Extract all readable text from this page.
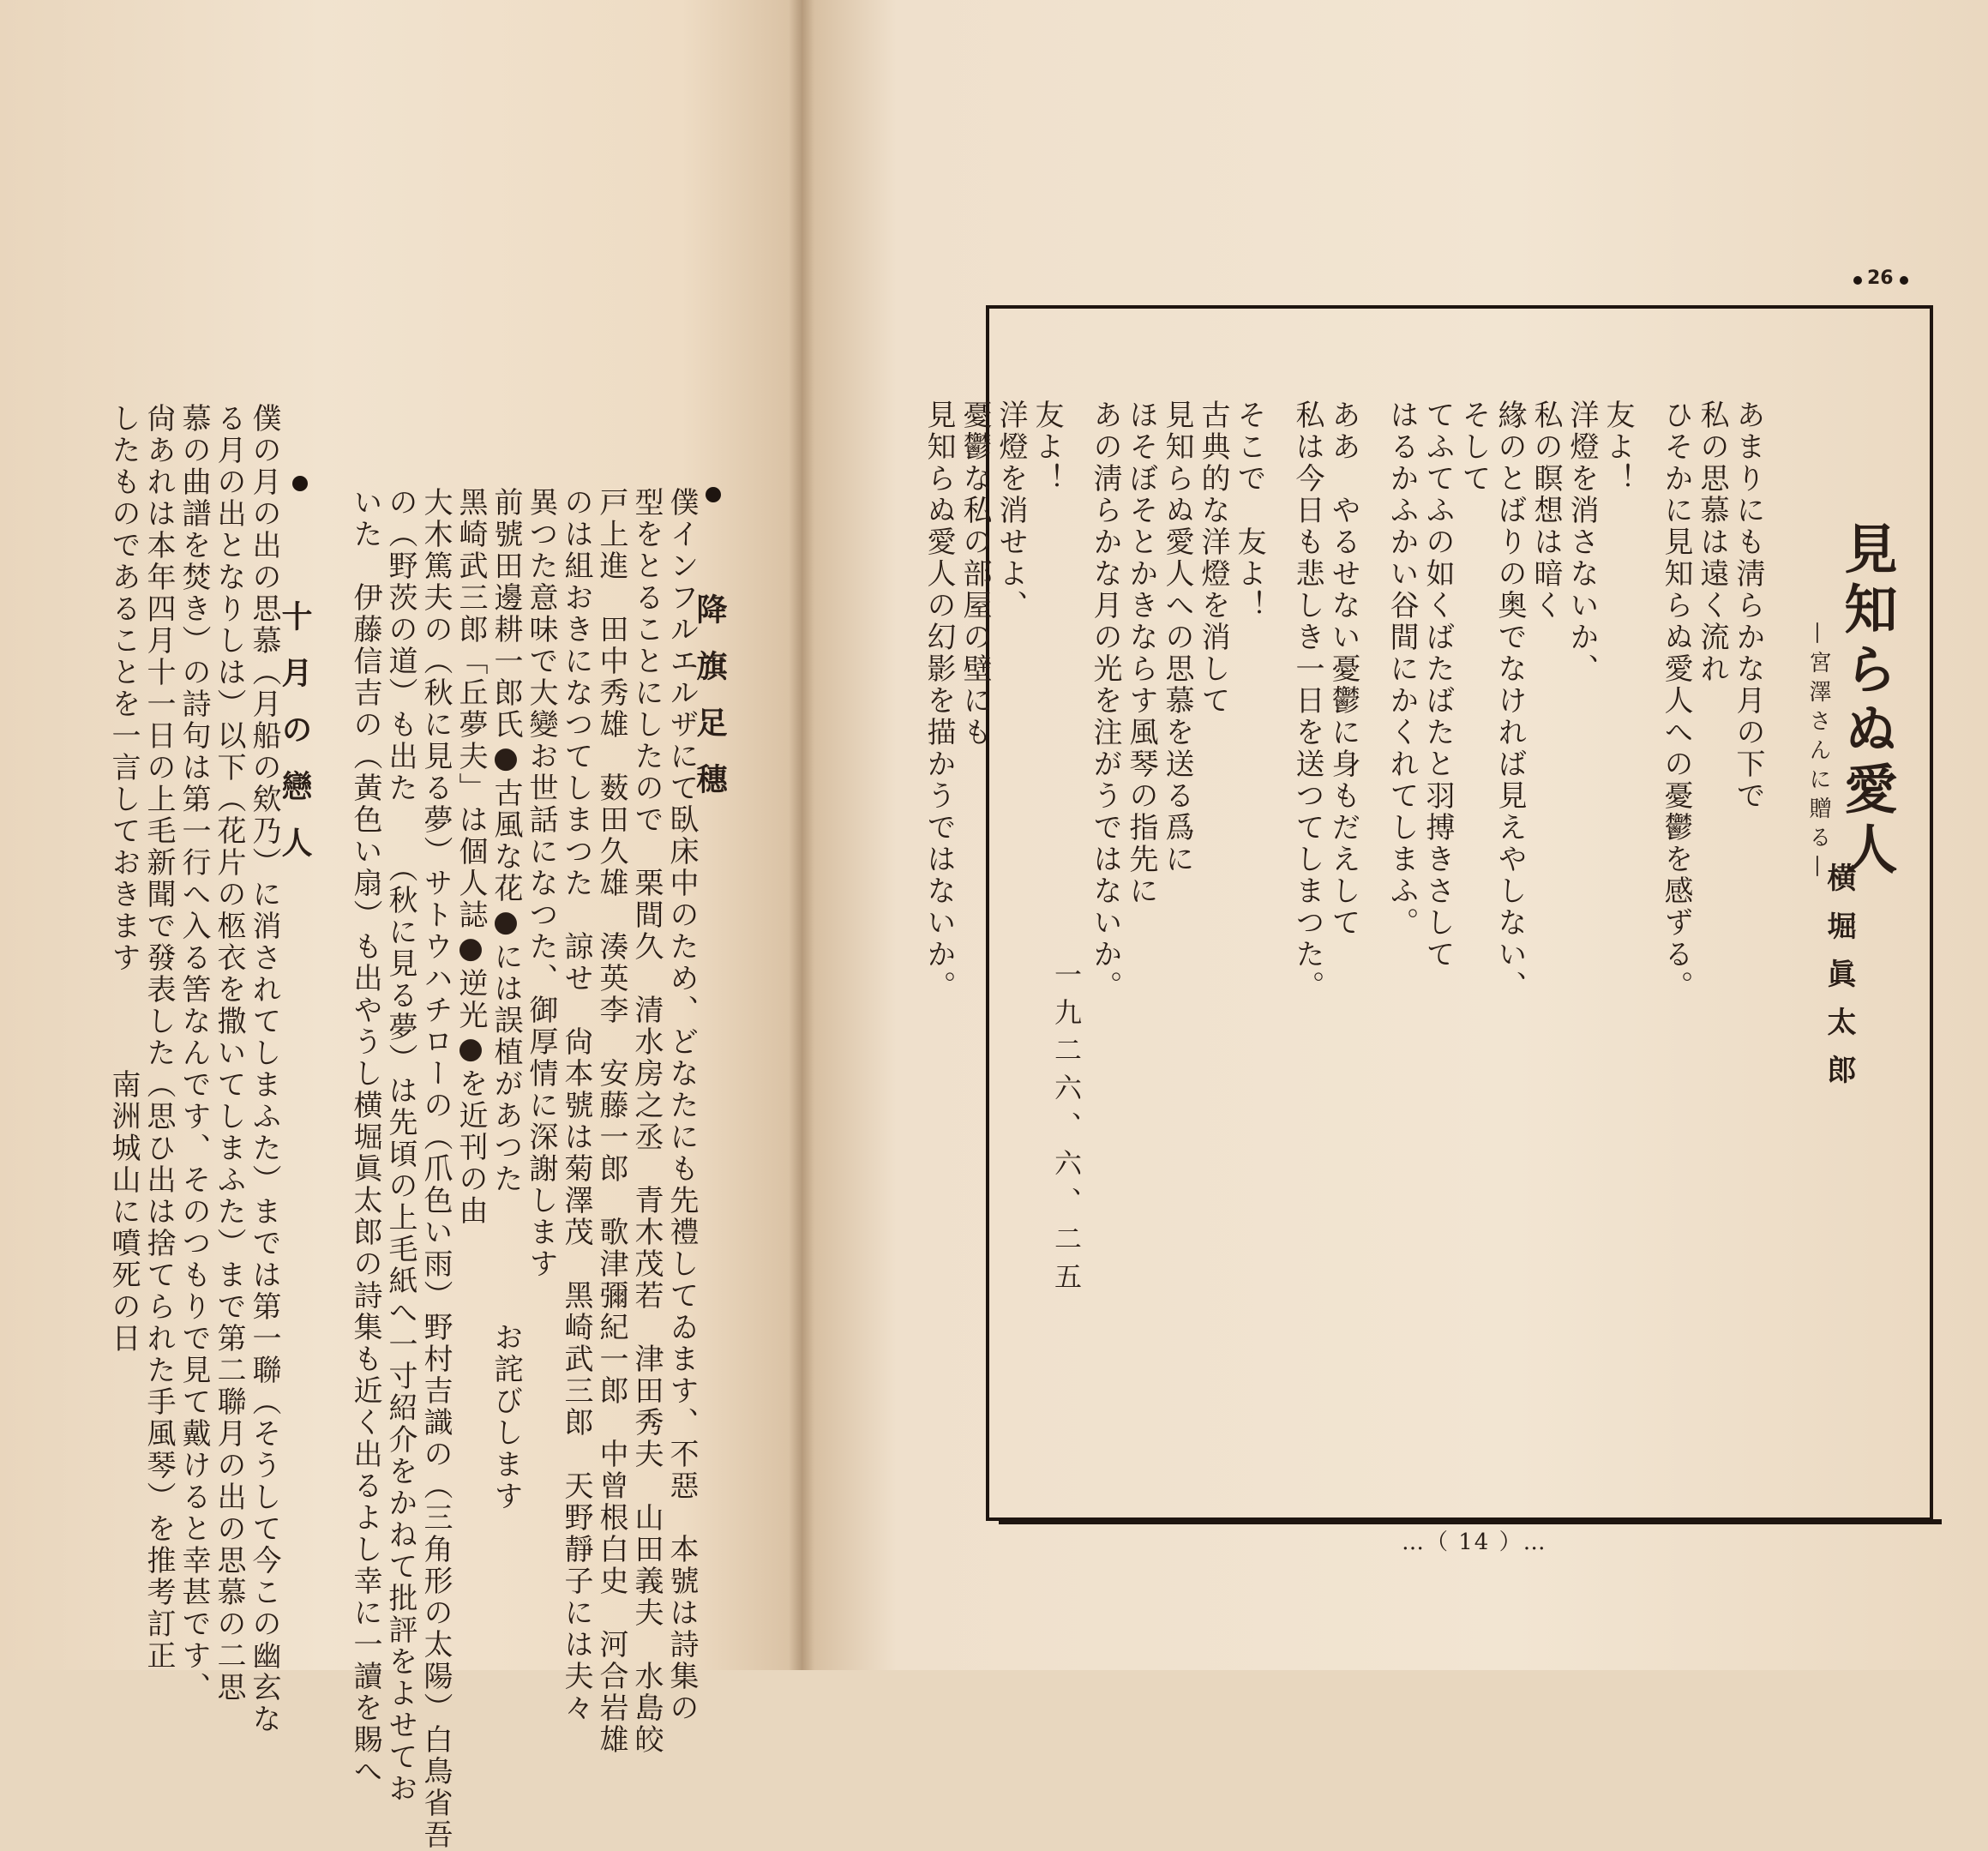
降旗足穗
僕インフルエルザにて臥床中のため、どなたにも先禮してゐます、不惡　本號は詩集の
型をとることにしたので　栗間久　清水房之丞　青木茂若　津田秀夫　山田義夫　水島皎
戸上進　田中秀雄　薮田久雄　湊英李　安藤一郎　歌津彌紀一郎　中曾根白史　河合岩雄
のは組おきになつてしまつた　諒せ　尙本號は菊澤茂　黑崎武三郎　天野靜子には夫々
異つた意味で大變お世話になつた、御厚情に深謝します
前號田邊耕一郎氏●古風な花●には誤植があつた　　　　お詫びします
黑崎武三郎「丘夢夫」は個人誌●逆光●を近刊の由
大木篤夫の（秋に見る夢）サトウハチローの（爪色い雨）野村吉識の（三角形の太陽）白鳥省吾
の（野茨の道）も出た　　（秋に見る夢）は先頃の上毛紙へ一寸紹介をかねて批評をよせてお
いた　伊藤信吉の（黃色い扇）も出やうし横堀眞太郎の詩集も近く出るよし幸に一讀を賜へ
十月の戀人
僕の月の出の思慕（月船の欸乃）に消されてしまふた）までは第一聯（そうして今この幽玄な
る月の出となりしは）以下（花片の柩衣を撒いてしまふた）まで第二聯月の出の思慕の二思
慕の曲譜を焚き）の詩句は第一行へ入る筈なんです、そのつもりで見て戴けると幸甚です、
尙あれは本年四月十一日の上毛新聞で發表した（思ひ出は捨てられた手風琴）を推考訂正
したものであることを一言しておきます　　　南洲城山に噴死の日
26
見知らぬ愛人
—宮澤さんに贈る—
横堀眞太郎
一九二六、六、二五
…（ 14 ）…
あまりにも淸らかな月の下で
私の思慕は遠く流れ
ひそかに見知らぬ愛人への憂鬱を感ずる。
友よ！
洋燈を消さないか、
私の瞑想は暗く
緣のとばりの奥でなければ見えやしない、
そして
てふてふの如くばたばたと羽搏きさして
はるかふかい谷間にかくれてしまふ。
ああ　やるせない憂鬱に身もだえして
私は今日も悲しき一日を送つてしまつた。
そこで　友よ！
古典的な洋燈を消して
見知らぬ愛人への思慕を送る爲に
ほそぼそとかきならす風琴の指先に
あの淸らかな月の光を注がうではないか。
友よ！
洋燈を消せよ、
憂鬱な私の部屋の壁にも
見知らぬ愛人の幻影を描かうではないか。
